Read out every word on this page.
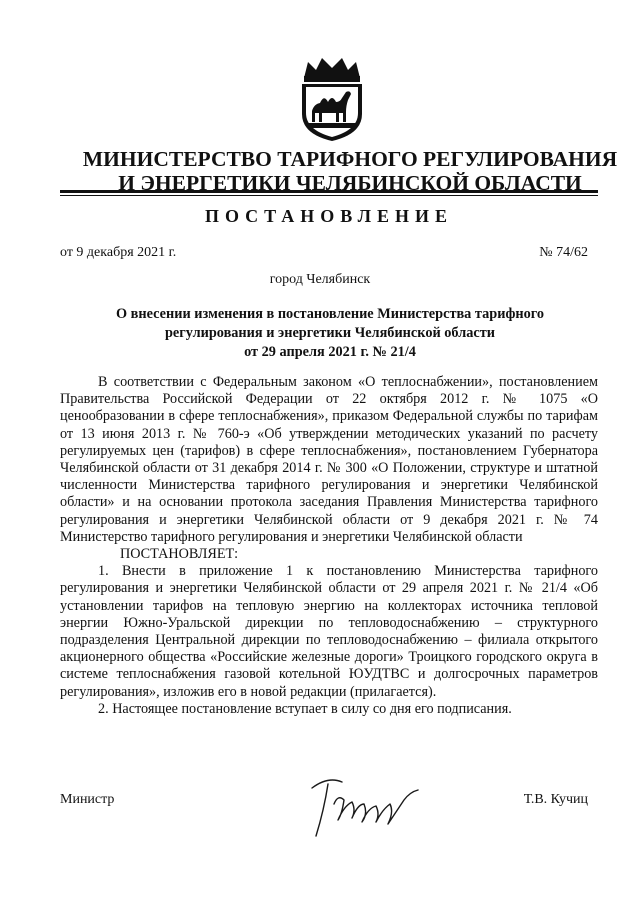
МИНИСТЕРСТВО ТАРИФНОГО РЕГУЛИРОВАНИЯ
И ЭНЕРГЕТИКИ ЧЕЛЯБИНСКОЙ ОБЛАСТИ
ПОСТАНОВЛЕНИЕ
от 9 декабря 2021 г.	№ 74/62
город Челябинск
О внесении изменения в постановление Министерства тарифного
регулирования и энергетики Челябинской области
от 29 апреля 2021 г. № 21/4

В соответствии с Федеральным законом «О теплоснабжении», постановлением Правительства Российской Федерации от 22 октября 2012 г. № 1075 «О ценообразовании в сфере теплоснабжения», приказом Федеральной службы по тарифам от 13 июня 2013 г. № 760-э «Об утверждении методических указаний по расчету регулируемых цен (тарифов) в сфере теплоснабжения», постановлением Губернатора Челябинской области от 31 декабря 2014 г. № 300 «О Положении, структуре и штатной численности Министерства тарифного регулирования и энергетики Челябинской области» и на основании протокола заседания Правления Министерства тарифного регулирования и энергетики Челябинской области от 9 декабря 2021 г. № 74 Министерство тарифного регулирования и энергетики Челябинской области

ПОСТАНОВЛЯЕТ:

1. Внести в приложение 1 к постановлению Министерства тарифного регулирования и энергетики Челябинской области от 29 апреля 2021 г. № 21/4 «Об установлении тарифов на тепловую энергию на коллекторах источника тепловой энергии Южно-Уральской дирекции по тепловодоснабжению – структурного подразделения Центральной дирекции по тепловодоснабжению – филиала открытого акционерного общества «Российские железные дороги» Троицкого городского округа в системе теплоснабжения газовой котельной ЮУДТВС и долгосрочных параметров регулирования», изложив его в новой редакции (прилагается).

2. Настоящее постановление вступает в силу со дня его подписания.

Министр	Т.В. Кучиц
